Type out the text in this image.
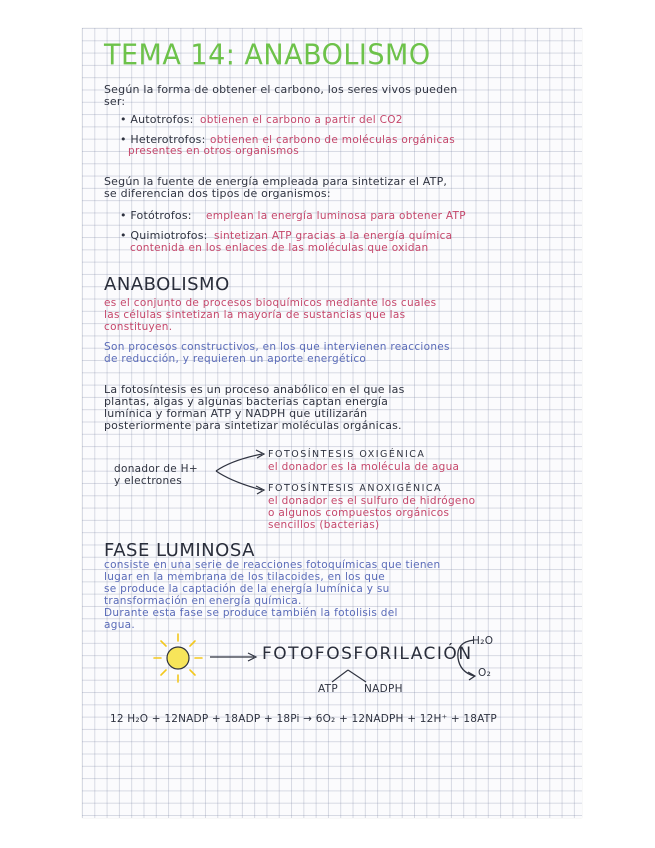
TEMA 14: ANABOLISMO
Según la forma de obtener el carbono, los seres vivos pueden
ser:
• Autotrofos: obtienen el carbono a partir del CO2
• Heterotrofos: obtienen el carbono de moléculas orgánicas
presentes en otros organismos
Según la fuente de energía empleada para sintetizar el ATP,
se diferencian dos tipos de organismos:
• Fotótrofos: emplean la energía luminosa para obtener ATP
• Quimiotrofos: sintetizan ATP gracias a la energía química
contenida en los enlaces de las moléculas que oxidan
ANABOLISMO
es el conjunto de procesos bioquímicos mediante los cuales
las células sintetizan la mayoría de sustancias que las
constituyen.
Son procesos constructivos, en los que intervienen reacciones
de reducción, y requieren un aporte energético
La fotosíntesis es un proceso anabólico en el que las
plantas, algas y algunas bacterias captan energía
lumínica y forman ATP y NADPH que utilizarán
posteriormente para sintetizar moléculas orgánicas.
donador de H+
y electrones
FOTOSÍNTESIS OXIGÉNICA
el donador es la molécula de agua
FOTOSÍNTESIS ANOXIGÉNICA
el donador es el sulfuro de hidrógeno
o algunos compuestos orgánicos
sencillos (bacterias)
FASE LUMINOSA
consiste en una serie de reacciones fotoquímicas que tienen
lugar en la membrana de los tilacoides, en los que
se produce la captación de la energía lumínica y su
transformación en energía química.
Durante esta fase se produce también la fotolisis del
agua.
FOTOFOSFORILACIÓN
H₂O
O₂
ATP NADPH
12 H₂O + 12NADP + 18ADP + 18Pi → 6O₂ + 12NADPH + 12H⁺ + 18ATP
